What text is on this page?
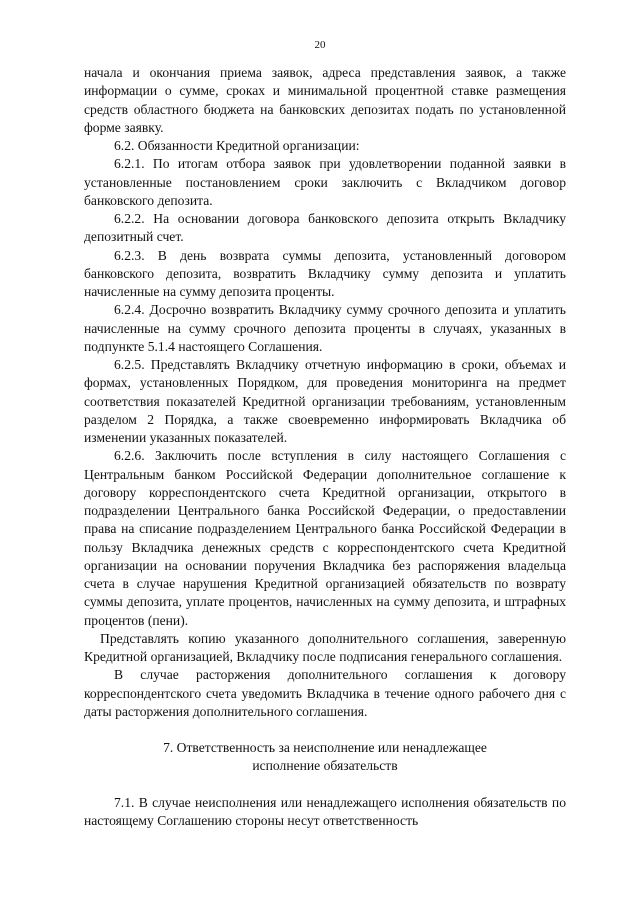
20

начала и окончания приема заявок, адреса представления заявок, а также информации о сумме, сроках и минимальной процентной ставке размещения средств областного бюджета на банковских депозитах подать по установленной форме заявку.

6.2. Обязанности Кредитной организации:

6.2.1. По итогам отбора заявок при удовлетворении поданной заявки в установленные постановлением сроки заключить с Вкладчиком договор банковского депозита.

6.2.2. На основании договора банковского депозита открыть Вкладчику депозитный счет.

6.2.3. В день возврата суммы депозита, установленный договором банковского депозита, возвратить Вкладчику сумму депозита и уплатить начисленные на сумму депозита проценты.

6.2.4. Досрочно возвратить Вкладчику сумму срочного депозита и уплатить начисленные на сумму срочного депозита проценты в случаях, указанных в подпункте 5.1.4 настоящего Соглашения.

6.2.5. Представлять Вкладчику отчетную информацию в сроки, объемах и формах, установленных Порядком, для проведения мониторинга на предмет соответствия показателей Кредитной организации требованиям, установленным разделом 2 Порядка, а также своевременно информировать Вкладчика об изменении указанных показателей.

6.2.6. Заключить после вступления в силу настоящего Соглашения с Центральным банком Российской Федерации дополнительное соглашение к договору корреспондентского счета Кредитной организации, открытого в подразделении Центрального банка Российской Федерации, о предоставлении права на списание подразделением Центрального банка Российской Федерации в пользу Вкладчика денежных средств с корреспондентского счета Кредитной организации на основании поручения Вкладчика без распоряжения владельца счета в случае нарушения Кредитной организацией обязательств по возврату суммы депозита, уплате процентов, начисленных на сумму депозита, и штрафных процентов (пени).

Представлять копию указанного дополнительного соглашения, заверенную Кредитной организацией, Вкладчику после подписания генерального соглашения.

В случае расторжения дополнительного соглашения к договору корреспондентского счета уведомить Вкладчика в течение одного рабочего дня с даты расторжения дополнительного соглашения.

7. Ответственность за неисполнение или ненадлежащее

исполнение обязательств

7.1. В случае неисполнения или ненадлежащего исполнения обязательств по настоящему Соглашению стороны несут ответственность
